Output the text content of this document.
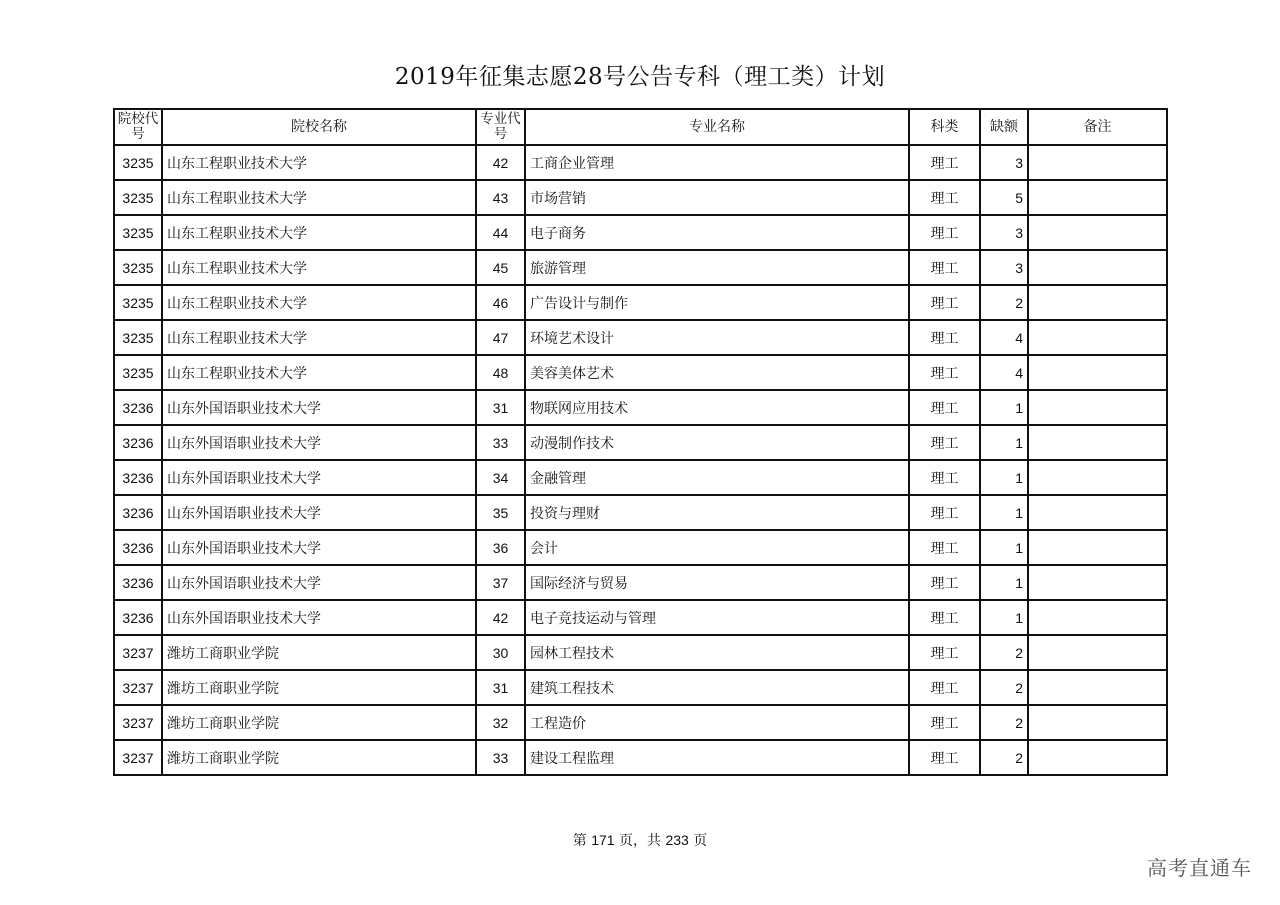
2019年征集志愿28号公告专科（理工类）计划
院校代号	院校名称	专业代号	专业名称	科类	缺额	备注
3235	山东工程职业技术大学	42	工商企业管理	理工	3	
3235	山东工程职业技术大学	43	市场营销	理工	5	
3235	山东工程职业技术大学	44	电子商务	理工	3	
3235	山东工程职业技术大学	45	旅游管理	理工	3	
3235	山东工程职业技术大学	46	广告设计与制作	理工	2	
3235	山东工程职业技术大学	47	环境艺术设计	理工	4	
3235	山东工程职业技术大学	48	美容美体艺术	理工	4	
3236	山东外国语职业技术大学	31	物联网应用技术	理工	1	
3236	山东外国语职业技术大学	33	动漫制作技术	理工	1	
3236	山东外国语职业技术大学	34	金融管理	理工	1	
3236	山东外国语职业技术大学	35	投资与理财	理工	1	
3236	山东外国语职业技术大学	36	会计	理工	1	
3236	山东外国语职业技术大学	37	国际经济与贸易	理工	1	
3236	山东外国语职业技术大学	42	电子竞技运动与管理	理工	1	
3237	潍坊工商职业学院	30	园林工程技术	理工	2	
3237	潍坊工商职业学院	31	建筑工程技术	理工	2	
3237	潍坊工商职业学院	32	工程造价	理工	2	
3237	潍坊工商职业学院	33	建设工程监理	理工	2	
第 171 页，共 233 页
高考直通车
